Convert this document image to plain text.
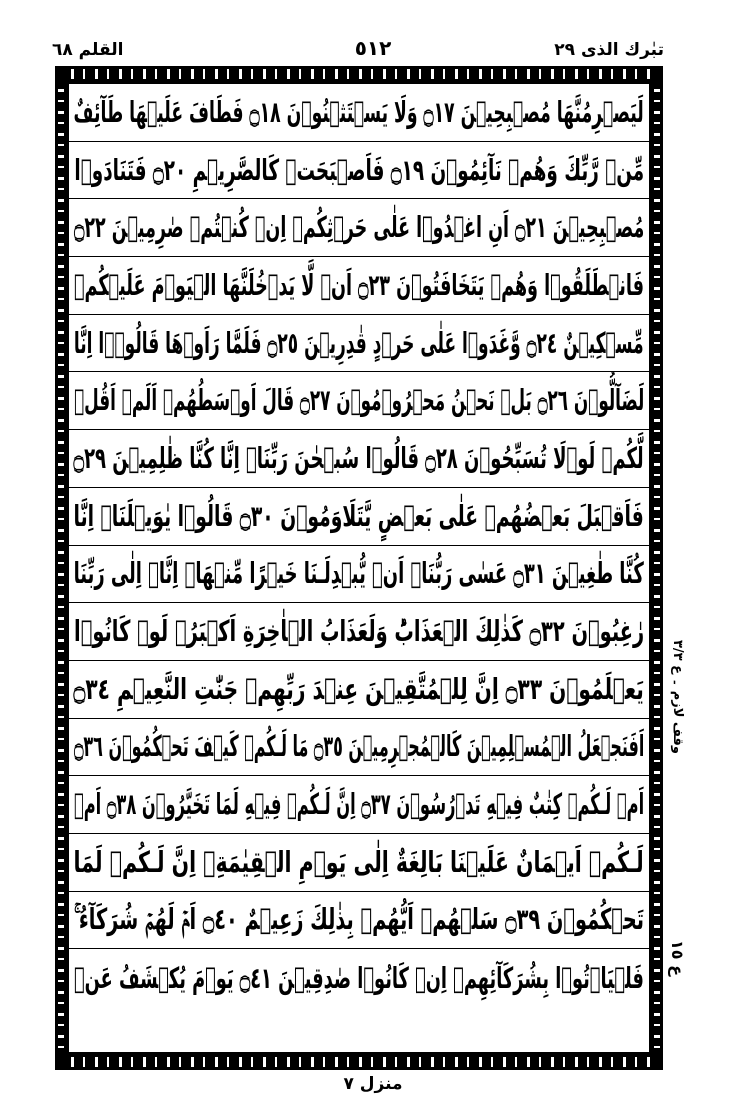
القلم ٦٨	٥١٢	تبٰرك الذى ٢٩
لَيَصۡرِمُنَّهَا مُصۡبِحِيۡنَ ۝١٧ وَلَا يَسۡتَثۡنُوۡنَ ۝١٨ فَطَافَ عَلَيۡهَا طَآئِفٌ
مِّنۡ رَّبِّكَ وَهُمۡ نَآئِمُوۡنَ ۝١٩ فَاَصۡبَحَتۡ كَالصَّرِيۡمِ ۝٢٠ فَتَنَادَوۡا
مُصۡبِحِيۡنَ ۝٢١ اَنِ اغۡدُوۡا عَلٰى حَرۡثِكُمۡ اِنۡ كُنۡتُمۡ صٰرِمِيۡنَ ۝٢٢
فَانۡطَلَقُوۡا وَهُمۡ يَتَخَافَتُوۡنَ ۝٢٣ اَنۡ لَّا يَدۡخُلَنَّهَا الۡيَوۡمَ عَلَيۡكُمۡ
مِّسۡكِيۡنٌ ۝٢٤ وَّغَدَوۡا عَلٰى حَرۡدٍ قٰدِرِيۡنَ ۝٢٥ فَلَمَّا رَاَوۡهَا قَالُوۡۤا اِنَّا
لَضَآلُّوۡنَ ۝٢٦ بَلۡ نَحۡنُ مَحۡرُوۡمُوۡنَ ۝٢٧ قَالَ اَوۡسَطُهُمۡ اَلَمۡ اَقُلۡ
لَّكُمۡ لَوۡلَا تُسَبِّحُوۡنَ ۝٢٨ قَالُوۡا سُبۡحٰنَ رَبِّنَاۤ اِنَّا كُنَّا ظٰلِمِيۡنَ ۝٢٩
فَاَقۡبَلَ بَعۡضُهُمۡ عَلٰى بَعۡضٍ يَّتَلَاوَمُوۡنَ ۝٣٠ قَالُوۡا يٰوَيۡلَنَاۤ اِنَّا
كُنَّا طٰغِيۡنَ ۝٣١ عَسٰى رَبُّنَاۤ اَنۡ يُّبۡدِلَـنَا خَيۡرًا مِّنۡهَاۤ اِنَّاۤ اِلٰى رَبِّنَا
رٰغِبُوۡنَ ۝٣٢ كَذٰلِكَ الۡعَذَابُ‌ؕ وَلَعَذَابُ الۡاٰخِرَةِ اَكۡبَرُ‌ۘ لَوۡ كَانُوۡا
يَعۡلَمُوۡنَ ۝٣٣ اِنَّ لِلۡمُتَّقِيۡنَ عِنۡدَ رَبِّهِمۡ جَنّٰتِ النَّعِيۡمِ ۝٣٤
اَفَنَجۡعَلُ الۡمُسۡلِمِيۡنَ كَالۡمُجۡرِمِيۡنَ ۝٣٥ مَا لَـكُمۡ كَيۡفَ تَحۡكُمُوۡنَ ۝٣٦
اَمۡ لَـكُمۡ كِتٰبٌ فِيۡهِ تَدۡرُسُوۡنَ ۝٣٧ اِنَّ لَـكُمۡ فِيۡهِ لَمَا تَخَيَّرُوۡنَ ۝٣٨ اَمۡ
لَـكُمۡ اَيۡمَانٌ عَلَيۡنَا بَالِغَةٌ اِلٰى يَوۡمِ الۡقِيٰمَةِ‌ۙ اِنَّ لَـكُمۡ لَمَا
تَحۡكُمُوۡنَ ۝٣٩ سَلۡهُمۡ اَيُّهُمۡ بِذٰلِكَ زَعِيۡمٌ ۝٤٠ اَمۡ لَهُمۡ شُرَكَآءُ ۚ
فَلۡيَاۡتُوۡا بِشُرَكَآئِهِمۡ اِنۡ كَانُوۡا صٰدِقِيۡنَ ۝٤١ يَوۡمَ يُكۡشَفُ عَنۡ
وقف لازم ۔ ع ٣/٣
ع ١٥
منزل ٧
